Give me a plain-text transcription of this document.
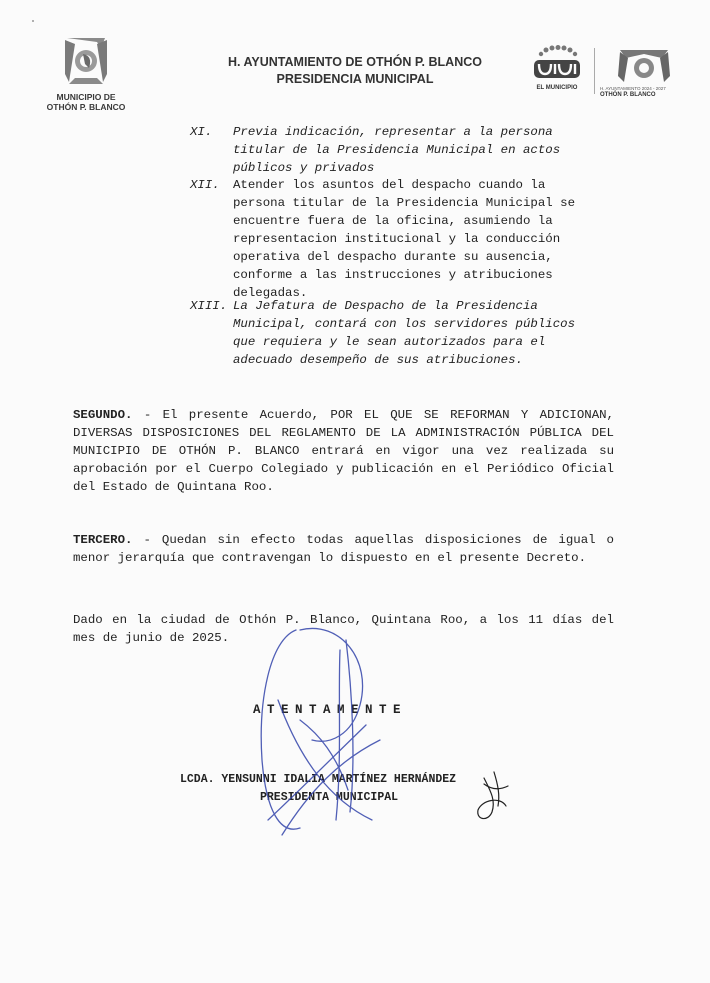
MUNICIPIO DE
OTHÓN P. BLANCO
H. AYUNTAMIENTO DE OTHÓN P. BLANCO
PRESIDENCIA MUNICIPAL
EL MUNICIPIO	H. AYUNTAMIENTO 2024 - 2027
OTHÓN P. BLANCO
XI. Previa indicación, representar a la persona
titular de la Presidencia Municipal en actos
públicos y privados
XII. Atender los asuntos del despacho cuando la
persona titular de la Presidencia Municipal se
encuentre fuera de la oficina, asumiendo la
representacion institucional y la conducción
operativa del despacho durante su ausencia,
conforme a las instrucciones y atribuciones
delegadas.
XIII. La Jefatura de Despacho de la Presidencia
Municipal, contará con los servidores públicos
que requiera y le sean autorizados para el
adecuado desempeño de sus atribuciones.
SEGUNDO. - El presente Acuerdo, POR EL QUE SE REFORMAN Y ADICIONAN, DIVERSAS DISPOSICIONES DEL REGLAMENTO DE LA ADMINISTRACIÓN PÚBLICA DEL MUNICIPIO DE OTHÓN P. BLANCO entrará en vigor una vez realizada su aprobación por el Cuerpo Colegiado y publicación en el Periódico Oficial del Estado de Quintana Roo.
TERCERO. - Quedan sin efecto todas aquellas disposiciones de igual o menor jerarquía que contravengan lo dispuesto en el presente Decreto.
Dado en la ciudad de Othón P. Blanco, Quintana Roo, a los 11 días del mes de junio de 2025.
ATENTAMENTE
LCDA. YENSUNNI IDALIA MARTÍNEZ HERNÁNDEZ
PRESIDENTA MUNICIPAL
